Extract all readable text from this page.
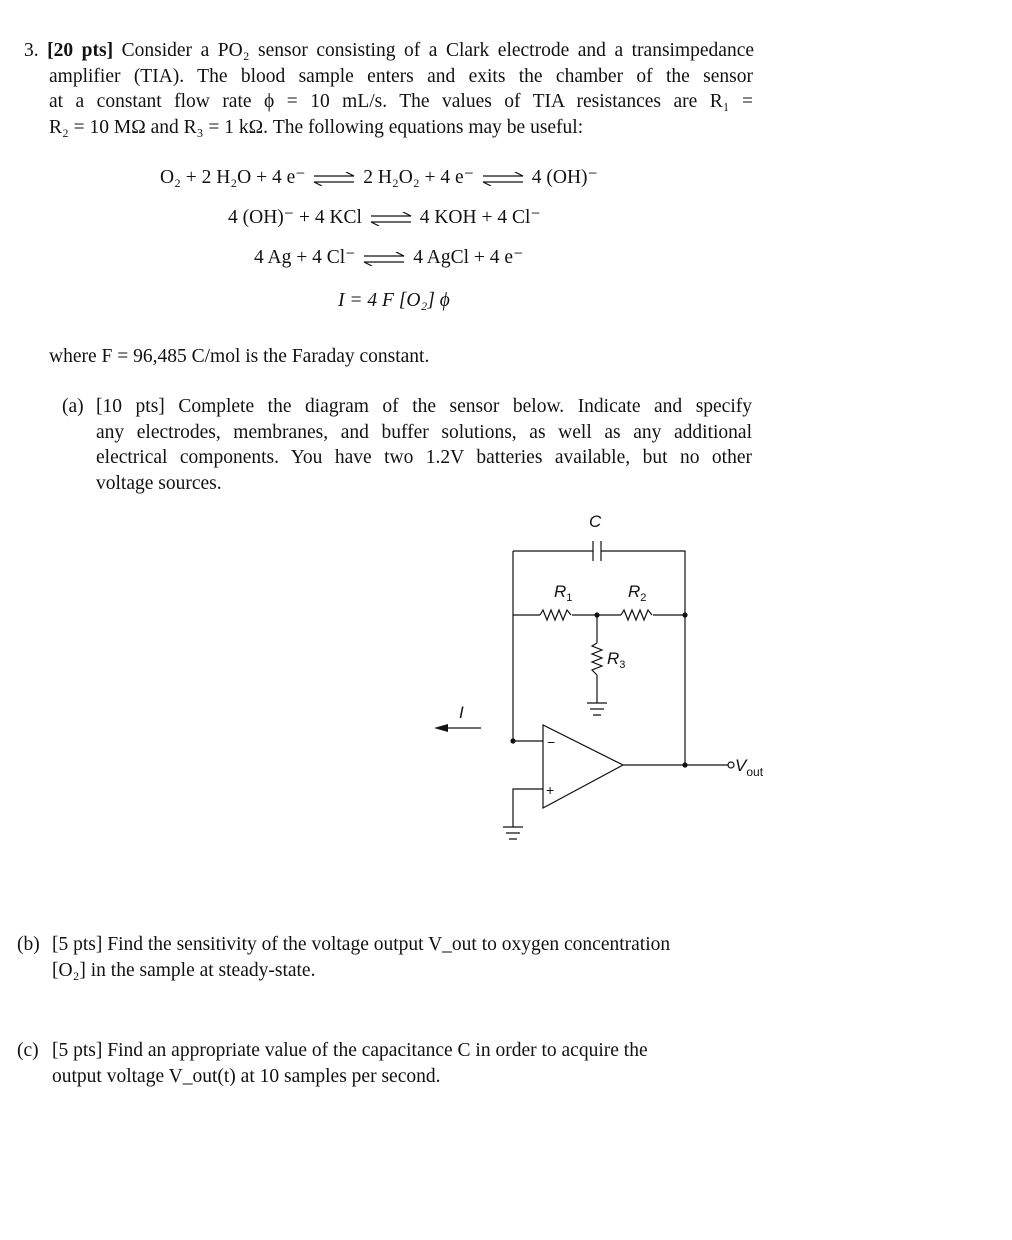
3. [20 pts] Consider a PO₂ sensor consisting of a Clark electrode and a transimpedance
amplifier (TIA). The blood sample enters and exits the chamber of the sensor
at a constant flow rate ϕ = 10 mL/s. The values of TIA resistances are R₁ =
R₂ = 10 MΩ and R₃ = 1 kΩ. The following equations may be useful:
O₂ + 2 H₂O + 4 e⁻ ⇌ 2 H₂O₂ + 4 e⁻ ⇌ 4 (OH)⁻
4 (OH)⁻ + 4 KCl ⇌ 4 KOH + 4 Cl⁻
4 Ag + 4 Cl⁻ ⇌ 4 AgCl + 4 e⁻
I = 4 F [O₂] ϕ
where F = 96,485 C/mol is the Faraday constant.
(a) [10 pts] Complete the diagram of the sensor below. Indicate and specify
any electrodes, membranes, and buffer solutions, as well as any additional
electrical components. You have two 1.2V batteries available, but no other
voltage sources.
C
$R_1$	$R_2$
$R_3$
I
−
+
$V_{out}$
(b) [5 pts] Find the sensitivity of the voltage output V_out to oxygen concentration
[O₂] in the sample at steady-state.
(c) [5 pts] Find an appropriate value of the capacitance C in order to acquire the
output voltage V_out(t) at 10 samples per second.
